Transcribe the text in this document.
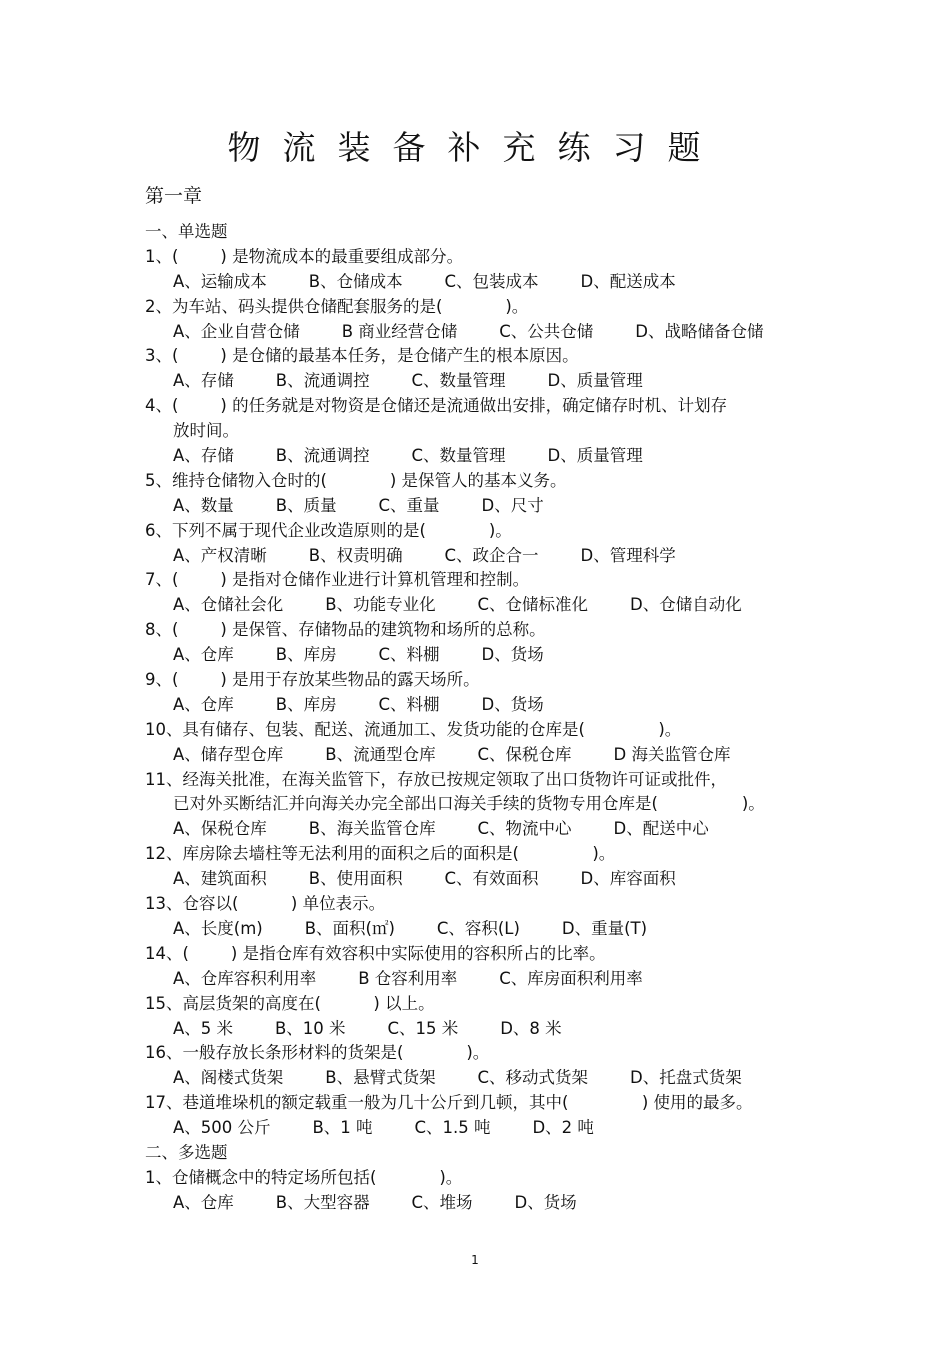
物流装备补充练习题
第一章
一、单选题
1、(        ) 是物流成本的最重要组成部分。
A、运输成本        B、仓储成本        C、包装成本        D、配送成本
2、为车站、码头提供仓储配套服务的是(            )。
A、企业自营仓储        B 商业经营仓储        C、公共仓储        D、战略储备仓储
3、(        ) 是仓储的最基本任务，是仓储产生的根本原因。
A、存储        B、流通调控        C、数量管理        D、质量管理
4、(        ) 的任务就是对物资是仓储还是流通做出安排，确定储存时机、计划存
放时间。
A、存储        B、流通调控        C、数量管理        D、质量管理
5、维持仓储物入仓时的(            ) 是保管人的基本义务。
A、数量        B、质量        C、重量        D、尺寸
6、下列不属于现代企业改造原则的是(            )。
A、产权清晰        B、权责明确        C、政企合一        D、管理科学
7、(        ) 是指对仓储作业进行计算机管理和控制。
A、仓储社会化        B、功能专业化        C、仓储标准化        D、仓储自动化
8、(        ) 是保管、存储物品的建筑物和场所的总称。
A、仓库        B、库房        C、料棚        D、货场
9、(        ) 是用于存放某些物品的露天场所。
A、仓库        B、库房        C、料棚        D、货场
10、具有储存、包装、配送、流通加工、发货功能的仓库是(              )。
A、储存型仓库        B、流通型仓库        C、保税仓库        D 海关监管仓库
11、经海关批准，在海关监管下，存放已按规定领取了出口货物许可证或批件，
已对外买断结汇并向海关办完全部出口海关手续的货物专用仓库是(                )。
A、保税仓库        B、海关监管仓库        C、物流中心        D、配送中心
12、库房除去墙柱等无法利用的面积之后的面积是(              )。
A、建筑面积        B、使用面积        C、有效面积        D、库容面积
13、仓容以(          ) 单位表示。
A、长度(m)        B、面积(㎡)        C、容积(L)        D、重量(T)
14、(        ) 是指仓库有效容积中实际使用的容积所占的比率。
A、仓库容积利用率        B 仓容利用率        C、库房面积利用率
15、高层货架的高度在(          ) 以上。
A、5 米        B、10 米        C、15 米        D、8 米
16、一般存放长条形材料的货架是(            )。
A、阁楼式货架        B、悬臂式货架        C、移动式货架        D、托盘式货架
17、巷道堆垛机的额定载重一般为几十公斤到几顿，其中(              ) 使用的最多。
A、500 公斤        B、1 吨        C、1.5 吨        D、2 吨
二、多选题
1、仓储概念中的特定场所包括(            )。
A、仓库        B、大型容器        C、堆场        D、货场
1
